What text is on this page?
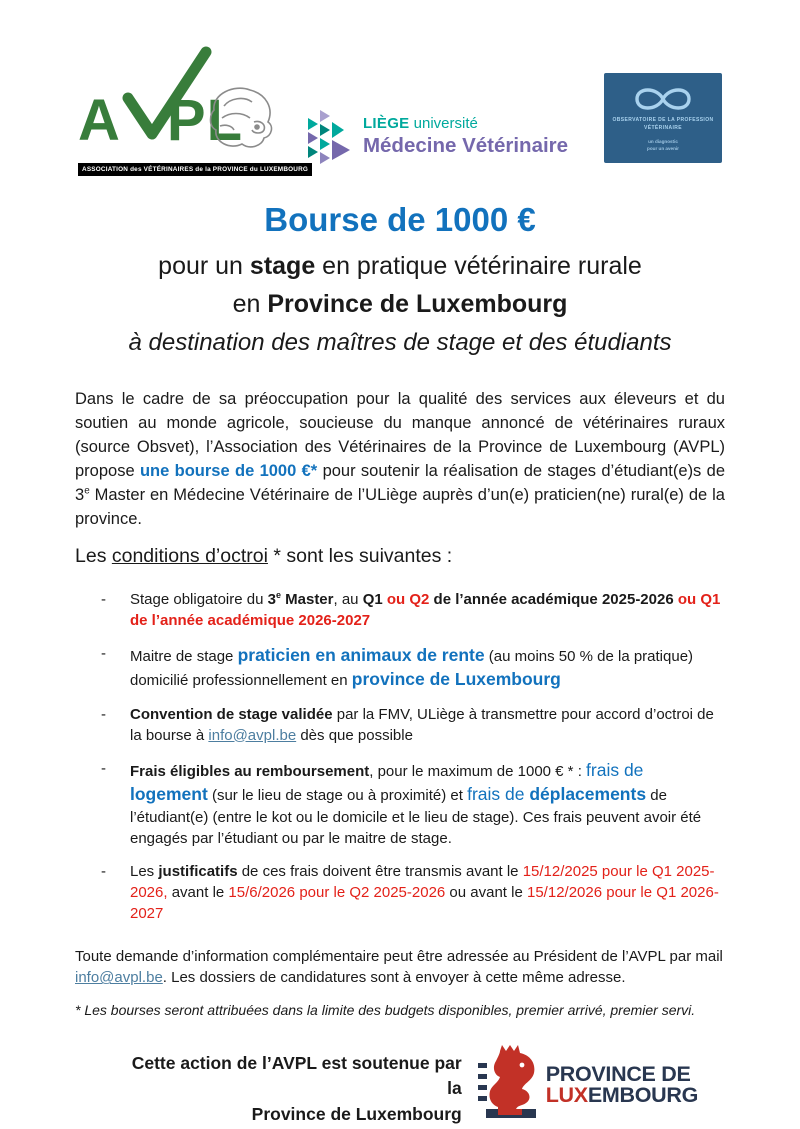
A PL
ASSOCIATION des VÉTÉRINAIRES de la PROVINCE du LUXEMBOURG
LIÈGE université
Médecine Vétérinaire
OBSERVATOIRE DE LA PROFESSION
VÉTÉRINAIRE
un diagnostic
pour un avenir
Bourse de 1000 €
pour un stage en pratique vétérinaire rurale
en Province de Luxembourg
à destination des maîtres de stage et des étudiants

Dans le cadre de sa préoccupation pour la qualité des services aux éleveurs et du soutien au monde agricole, soucieuse du manque annoncé de vétérinaires ruraux (source Obsvet), l’Association des Vétérinaires de la Province de Luxembourg (AVPL) propose une bourse de 1000 €* pour soutenir la réalisation de stages d’étudiant(e)s de 3e Master en Médecine Vétérinaire de l’ULiège auprès d’un(e) praticien(ne) rural(e) de la province.

Les conditions d’octroi * sont les suivantes :
-	Stage obligatoire du 3e Master, au Q1 ou Q2 de l’année académique 2025-2026 ou Q1 de l’année académique 2026-2027
-	Maitre de stage praticien en animaux de rente (au moins 50 % de la pratique) domicilié professionnellement en province de Luxembourg
-	Convention de stage validée par la FMV, ULiège à transmettre pour accord d’octroi de la bourse à info@avpl.be dès que possible
-	Frais éligibles au remboursement, pour le maximum de 1000 € * : frais de logement (sur le lieu de stage ou à proximité) et frais de déplacements de l’étudiant(e) (entre le kot ou le domicile et le lieu de stage). Ces frais peuvent avoir été engagés par l’étudiant ou par le maitre de stage.
-	Les justificatifs de ces frais doivent être transmis avant le 15/12/2025 pour le Q1 2025-2026, avant le 15/6/2026 pour le Q2 2025-2026 ou avant le 15/12/2026 pour le Q1 2026-2027

Toute demande d’information complémentaire peut être adressée au Président de l’AVPL par mail info@avpl.be. Les dossiers de candidatures sont à envoyer à cette même adresse.

* Les bourses seront attribuées dans la limite des budgets disponibles, premier arrivé, premier servi.

Cette action de l’AVPL est soutenue par la
Province de Luxembourg
PROVINCE DE
LUXEMBOURG
